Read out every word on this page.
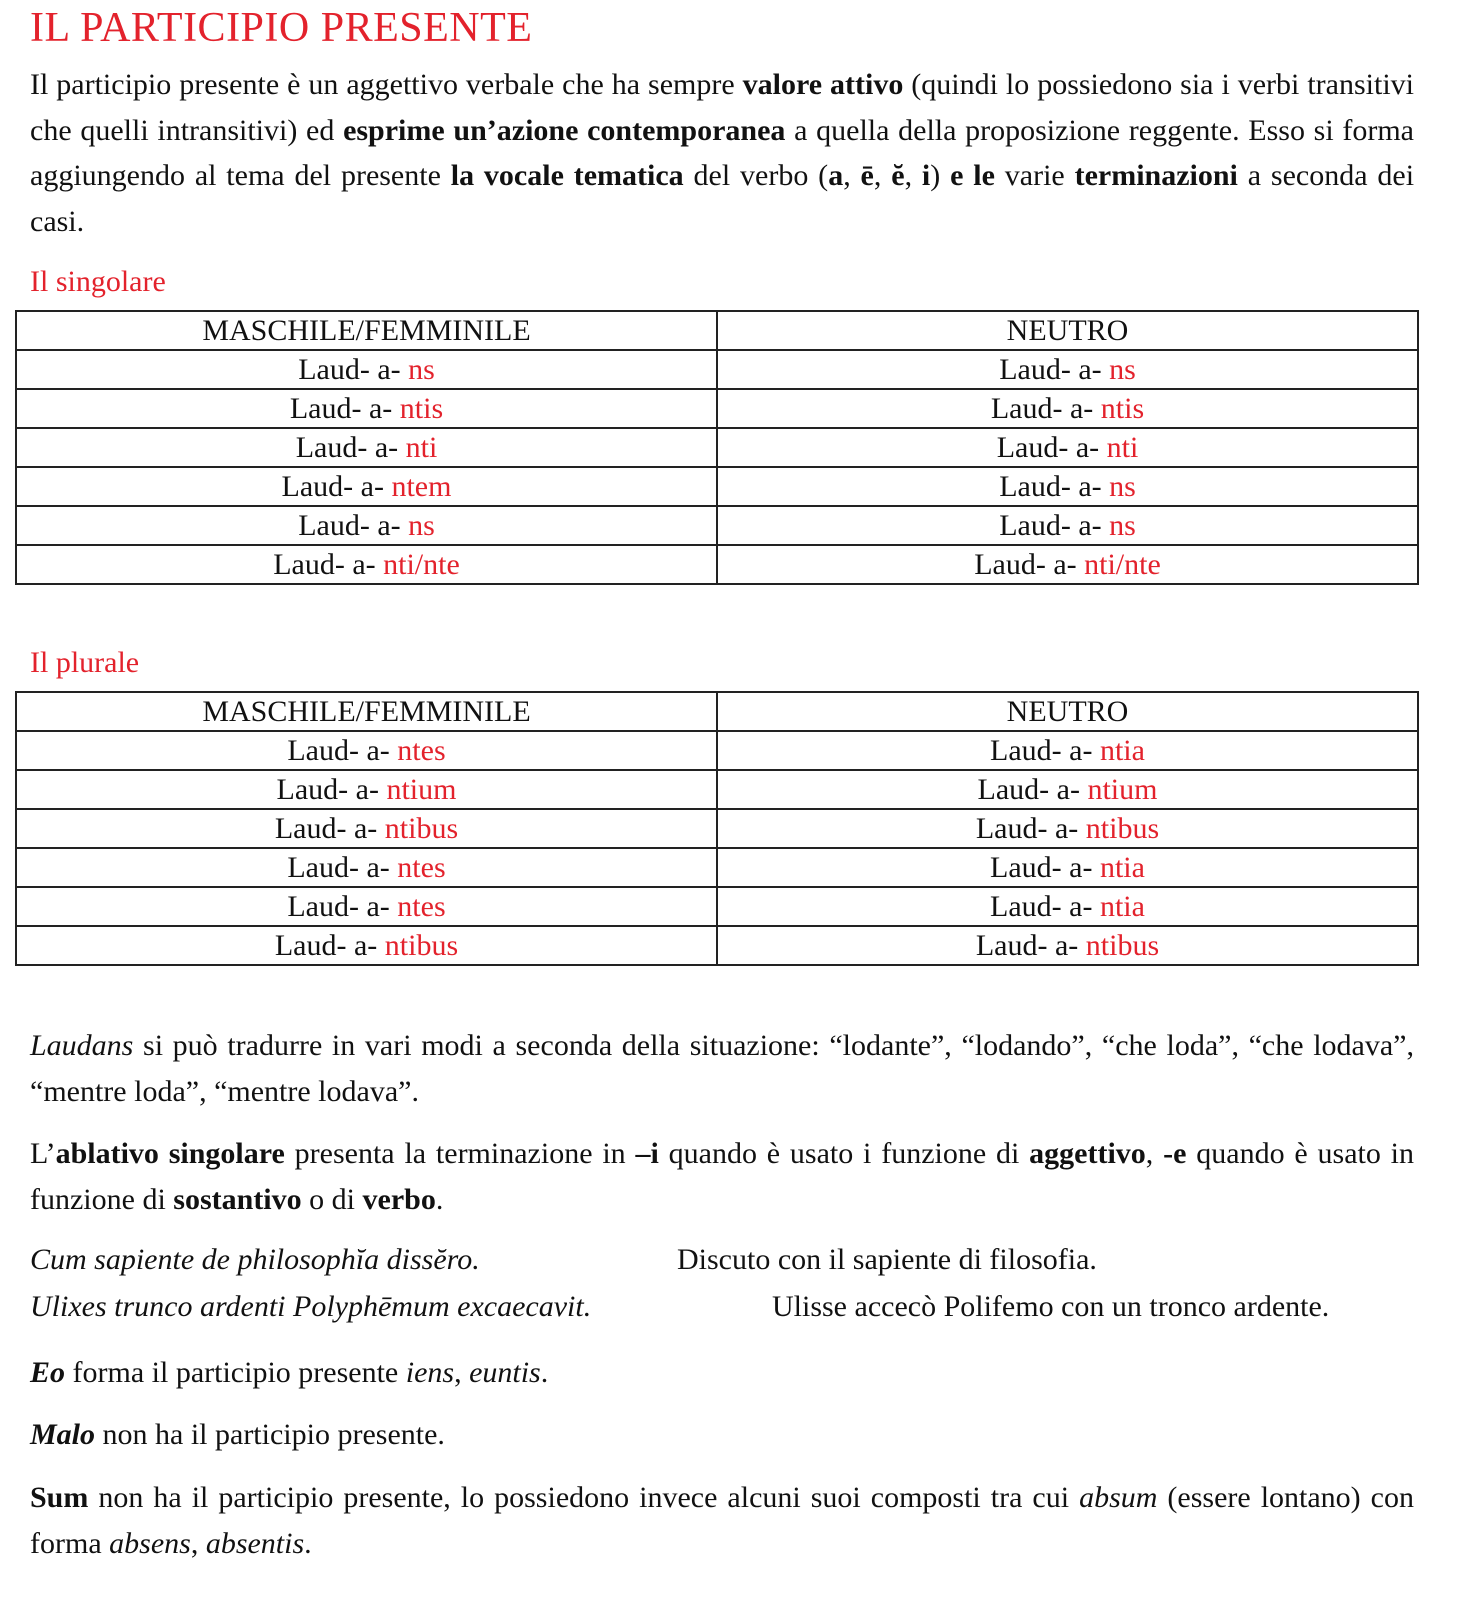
IL PARTICIPIO PRESENTE
Il participio presente è un aggettivo verbale che ha sempre valore attivo (quindi lo possiedono sia i verbi transitivi che quelli intransitivi) ed esprime un’azione contemporanea a quella della proposizione reggente. Esso si forma aggiungendo al tema del presente la vocale tematica del verbo (a, ē, ĕ, i) e le varie terminazioni a seconda dei casi.
Il singolare
MASCHILE/FEMMINILE	NEUTRO
Laud- a- ns	Laud- a- ns
Laud- a- ntis	Laud- a- ntis
Laud- a- nti	Laud- a- nti
Laud- a- ntem	Laud- a- ns
Laud- a- ns	Laud- a- ns
Laud- a- nti/nte	Laud- a- nti/nte
Il plurale
MASCHILE/FEMMINILE	NEUTRO
Laud- a- ntes	Laud- a- ntia
Laud- a- ntium	Laud- a- ntium
Laud- a- ntibus	Laud- a- ntibus
Laud- a- ntes	Laud- a- ntia
Laud- a- ntes	Laud- a- ntia
Laud- a- ntibus	Laud- a- ntibus
Laudans si può tradurre in vari modi a seconda della situazione: “lodante”, “lodando”, “che loda”, “che lodava”, “mentre loda”, “mentre lodava”.
L’ablativo singolare presenta la terminazione in –i quando è usato i funzione di aggettivo, -e quando è usato in funzione di sostantivo o di verbo.
Cum sapiente de philosophĭa dissĕro.	Discuto con il sapiente di filosofia.
Ulixes trunco ardenti Polyphēmum excaecavit.	Ulisse accecò Polifemo con un tronco ardente.
Eo forma il participio presente iens, euntis.
Malo non ha il participio presente.
Sum non ha il participio presente, lo possiedono invece alcuni suoi composti tra cui absum (essere lontano) con forma absens, absentis.
